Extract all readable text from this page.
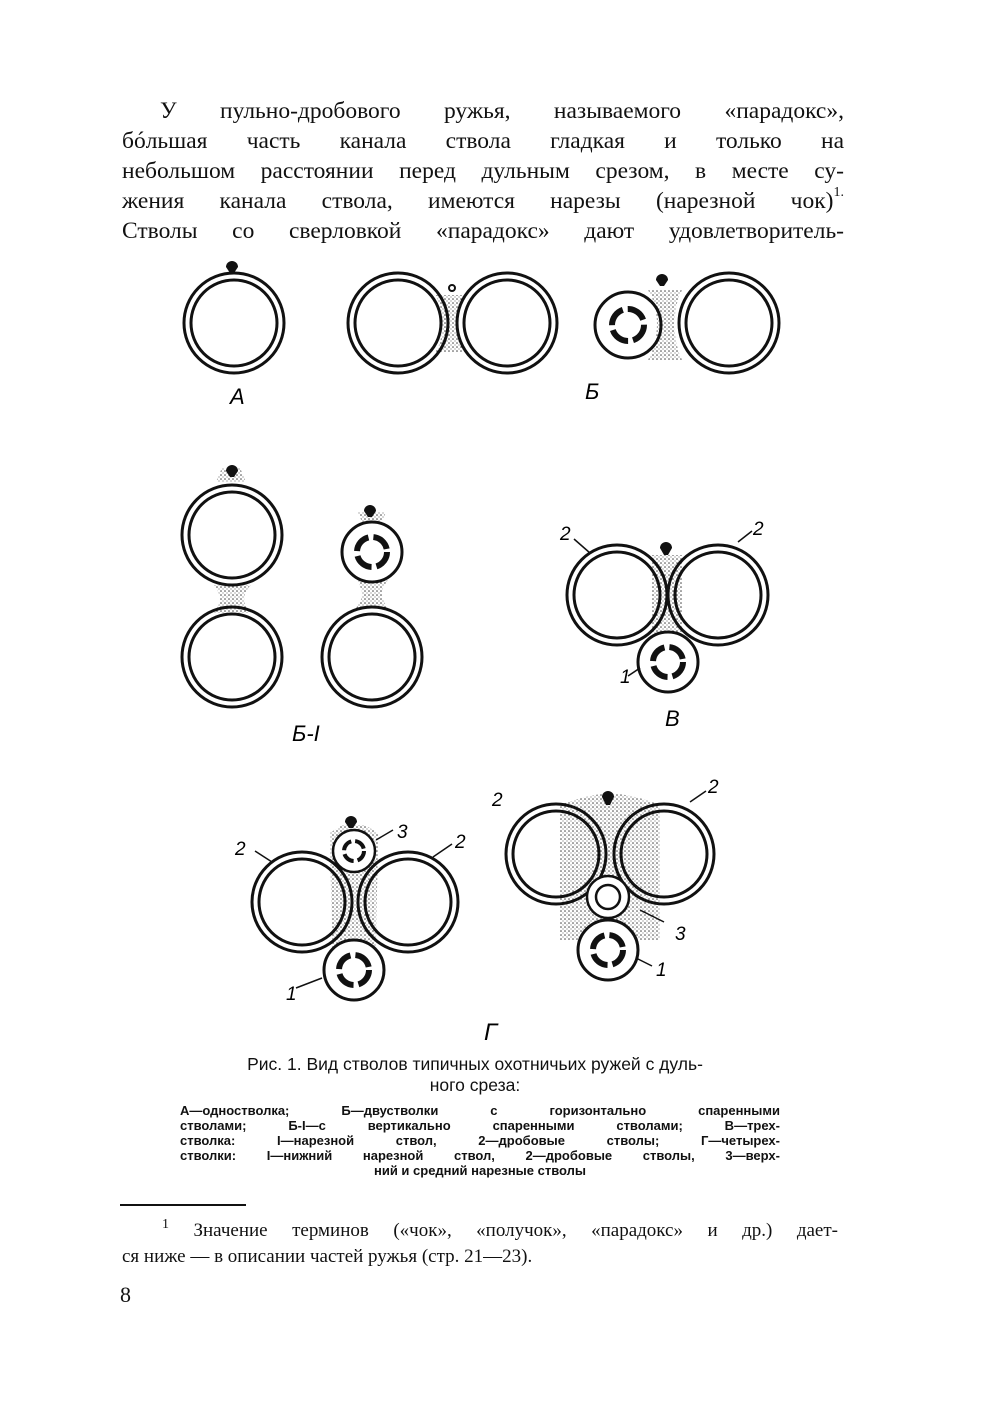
У пульно-дробового ружья, называемого «парадокс»,
бóльшая часть канала ствола гладкая и только на
небольшом расстоянии перед дульным срезом, в месте су-
жения канала ствола, имеются нарезы (нарезной чок)$^{1.}$
Стволы со сверловкой «парадокс» дают удовлетворитель-
А	Б
Б-I
2	2
1
В
3 2
2
1
2
2
3
1
Г
Рис. 1. Вид стволов типичных охотничьих ружей с дуль-
ного среза:
А—одностволка; Б—двустволки с горизонтально спаренными
стволами; Б-I—с вертикально спаренными стволами; В—трех-
стволка: I—нарезной ствол, 2—дробовые стволы; Г—четырех-
стволки: I—нижний нарезной ствол, 2—дробовые стволы, 3—верх-
ний и средний нарезные стволы
$^1$ Значение терминов («чок», «получок», «парадокс» и др.) дает-
ся ниже — в описании частей ружья (стр. 21—23).
8
